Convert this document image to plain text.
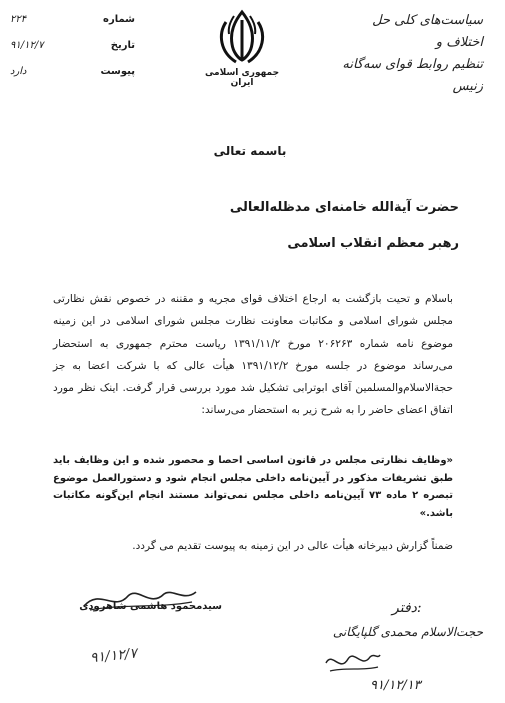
سیاست‌های کلی حل اختلاف و
تنظیم روابط قوای سه‌گانه
زنیس
جمهوری اسلامی ایران
شماره
۲۲۴
تاریخ
۹۱/۱۲/۷
پیوست
دارد
باسمه تعالی
حضرت آیةالله خامنه‌ای مدظله‌العالی
رهبر معظم انقلاب اسلامی
باسلام و تحیت بازگشت به ارجاع اختلاف قوای مجریه و مقننه در خصوص نقش نظارتی مجلس شورای اسلامی و مکاتبات معاونت نظارت مجلس شورای اسلامی در این زمینه موضوع نامه شماره ۲۰۶۲۶۳ مورخ ۱۳۹۱/۱۱/۲ ریاست محترم جمهوری به استحضار می‌رساند موضوع در جلسه مورخ ۱۳۹۱/۱۲/۲ هیأت عالی که با شرکت اعضا به جز حجةالاسلام‌والمسلمین آقای ابوترابی تشکیل شد مورد بررسی قرار گرفت. اینک نظر مورد اتفاق اعضای حاضر را به شرح زیر به استحضار می‌رساند:
«وظایف نظارتی مجلس در قانون اساسی احصا و محصور شده و این وظایف باید طبق تشریفات مذکور در آیین‌نامه داخلی مجلس انجام شود و دستورالعمل موضوع تبصره ۲ ماده ۷۳ آیین‌نامه داخلی مجلس نمی‌تواند مستند انجام این‌گونه مکاتبات باشد.»
ضمناً گزارش دبیرخانه هیأت عالی در این زمینه به پیوست تقدیم می گردد.
سیدمحمود هاشمی شاهرودی
۹۱/۱۲/۷
دفتر:
حجت‌الاسلام محمدی گلپایگانی
۹۱/۱۲/۱۳
